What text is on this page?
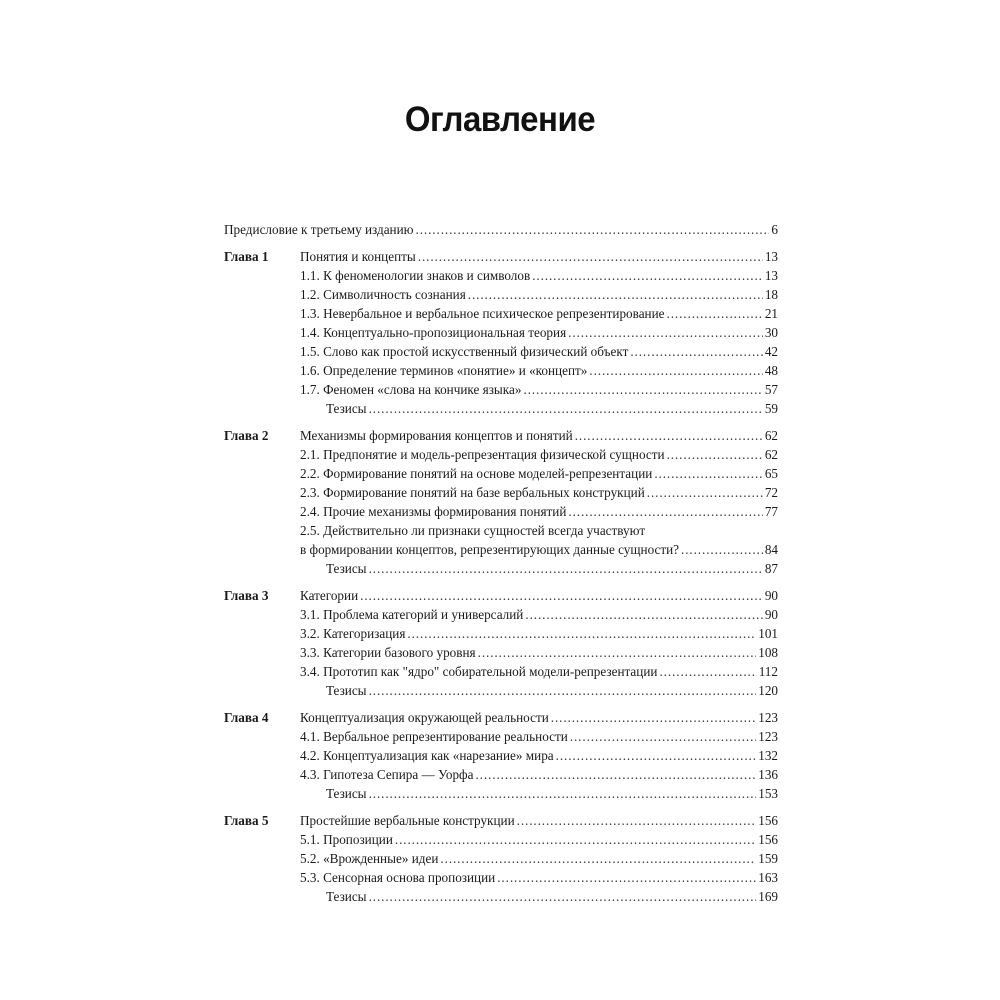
Оглавление
Предисловие к третьему изданию . . .	6
Глава 1	Понятия и концепты . . .	13
1.1. К феноменологии знаков и символов . . .	13
1.2. Символичность сознания . . .	18
1.3. Невербальное и вербальное психическое репрезентирование . . .	21
1.4. Концептуально-пропозициональная теория . . .	30
1.5. Слово как простой искусственный физический объект . . .	42
1.6. Определение терминов «понятие» и «концепт» . . .	48
1.7. Феномен «слова на кончике языка» . . .	57
Тезисы . . .	59
Глава 2	Механизмы формирования концептов и понятий . . .	62
2.1. Предпонятие и модель-репрезентация физической сущности . . .	62
2.2. Формирование понятий на основе моделей-репрезентации . . .	65
2.3. Формирование понятий на базе вербальных конструкций . . .	72
2.4. Прочие механизмы формирования понятий . . .	77
2.5. Действительно ли признаки сущностей всегда участвуют
в формировании концептов, репрезентирующих данные сущности? . . .	84
Тезисы . . .	87
Глава 3	Категории . . .	90
3.1. Проблема категорий и универсалий . . .	90
3.2. Категоризация . . .	101
3.3. Категории базового уровня . . .	108
3.4. Прототип как "ядро" собирательной модели-репрезентации . . .	112
Тезисы . . .	120
Глава 4	Концептуализация окружающей реальности . . .	123
4.1. Вербальное репрезентирование реальности . . .	123
4.2. Концептуализация как «нарезание» мира . . .	132
4.3. Гипотеза Сепира — Уорфа . . .	136
Тезисы . . .	153
Глава 5	Простейшие вербальные конструкции . . .	156
5.1. Пропозиции . . .	156
5.2. «Врожденные» идеи . . .	159
5.3. Сенсорная основа пропозиции . . .	163
Тезисы . . .	169
